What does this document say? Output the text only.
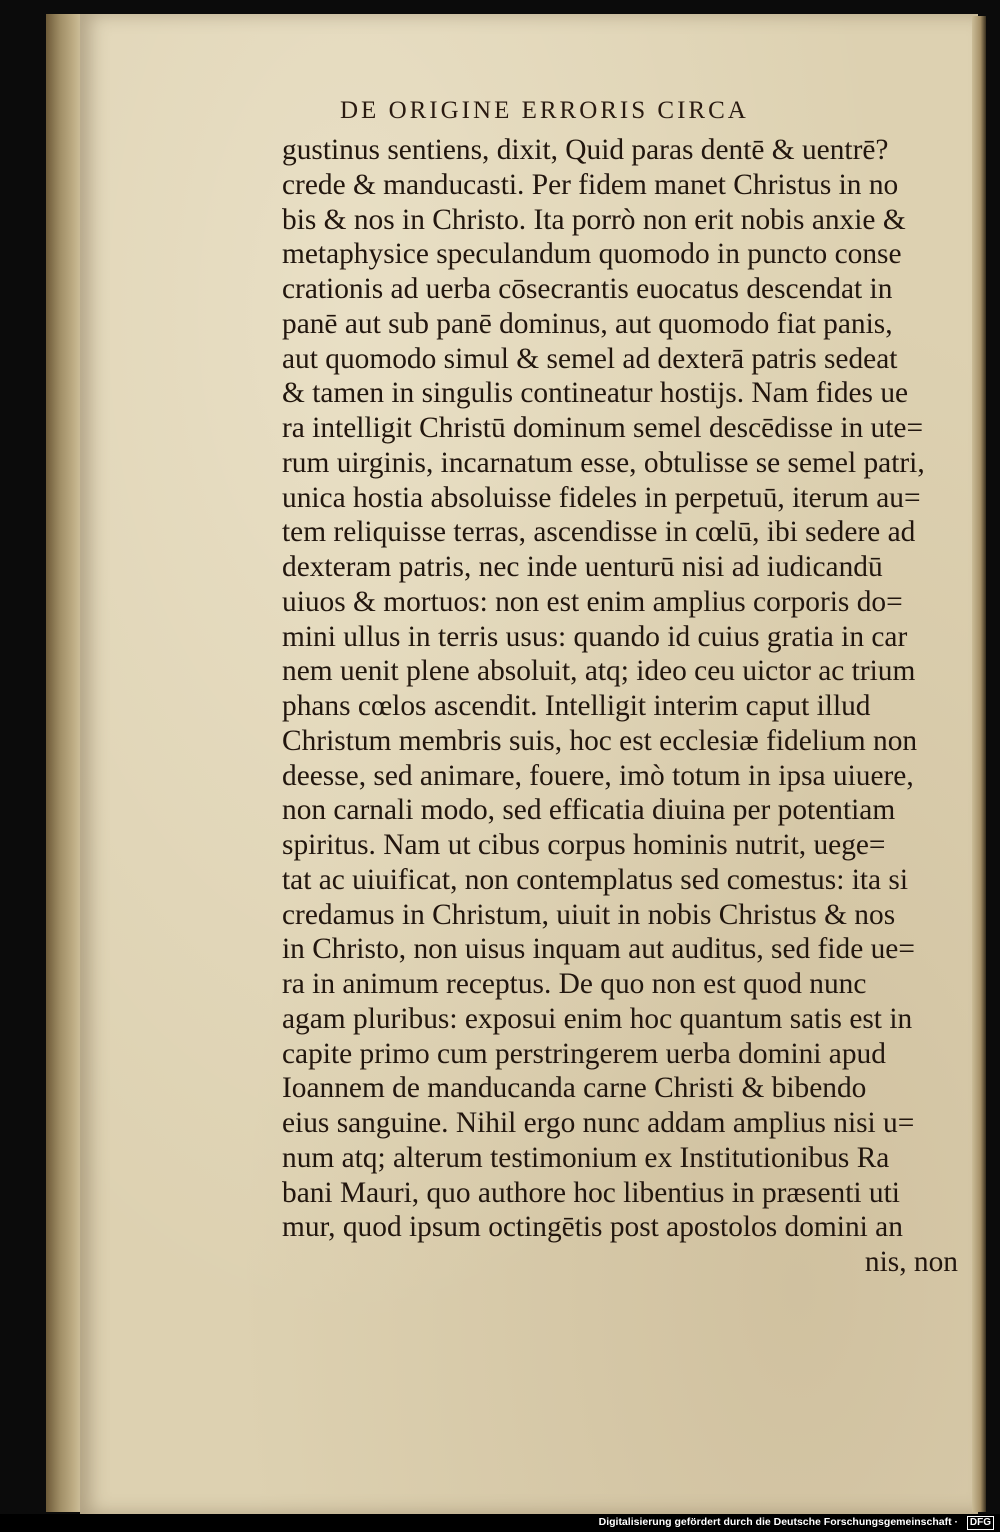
DE ORIGINE ERRORIS CIRCA
gustinus sentiens, dixit, Quid paras dentē & uentrē?
crede & manducasti. Per fidem manet Christus in no
bis & nos in Christo. Ita porrò non erit nobis anxie &
metaphysice speculandum quomodo in puncto conse
crationis ad uerba cōsecrantis euocatus descendat in
panē aut sub panē dominus, aut quomodo fiat panis,
aut quomodo simul & semel ad dexterā patris sedeat
& tamen in singulis contineatur hostijs. Nam fides ue
ra intelligit Christū dominum semel descēdisse in ute=
rum uirginis, incarnatum esse, obtulisse se semel patri,
unica hostia absoluisse fideles in perpetuū, iterum au=
tem reliquisse terras, ascendisse in cœlū, ibi sedere ad
dexteram patris, nec inde uenturū nisi ad iudicandū
uiuos & mortuos: non est enim amplius corporis do=
mini ullus in terris usus: quando id cuius gratia in car
nem uenit plene absoluit, atq; ideo ceu uictor ac trium
phans cœlos ascendit. Intelligit interim caput illud
Christum membris suis, hoc est ecclesiæ fidelium non
deesse, sed animare, fouere, imò totum in ipsa uiuere,
non carnali modo, sed efficatia diuina per potentiam
spiritus. Nam ut cibus corpus hominis nutrit, uege=
tat ac uiuificat, non contemplatus sed comestus: ita si
credamus in Christum, uiuit in nobis Christus & nos
in Christo, non uisus inquam aut auditus, sed fide ue=
ra in animum receptus. De quo non est quod nunc
agam pluribus: exposui enim hoc quantum satis est in
capite primo cum perstringerem uerba domini apud
Ioannem de manducanda carne Christi & bibendo
eius sanguine. Nihil ergo nunc addam amplius nisi u=
num atq; alterum testimonium ex Institutionibus Ra
bani Mauri, quo authore hoc libentius in præsenti uti
mur, quod ipsum octingētis post apostolos domini an
nis, non
Digitalisierung gefördert durch die Deutsche Forschungsgemeinschaft ·	DFG
